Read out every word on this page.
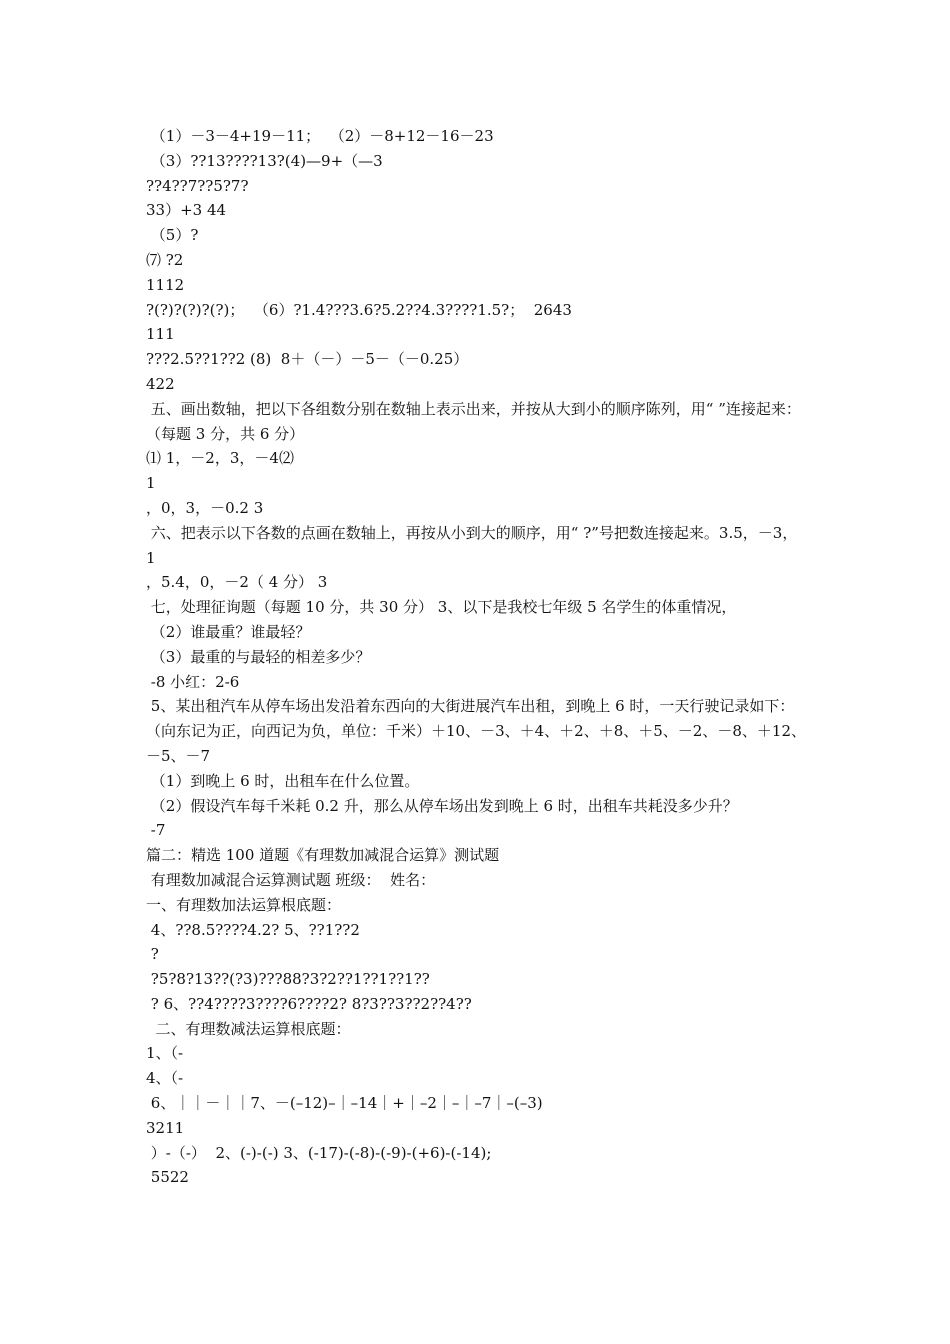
（1）－3－4+19－11；  （2）－8+12－16－23
（3）??13????13?(4)—9+（—3
??4??7??5?7?
33）+3 44
（5）?
⑺ ?2
1112
?(?)?(?)?(?)；  （6）?1.4???3.6?5.2??4.3????1.5?；  2643
111
???2.5??1??2 (8)  8＋（－）－5－（－0.25）
422
五、画出数轴，把以下各组数分别在数轴上表示出来，并按从大到小的顺序陈列，用“ ”连接起来：（每题 3 分，共 6 分）
⑴ 1，－2，3，－4⑵
1
，0，3，－0.2 3
六、把表示以下各数的点画在数轴上，再按从小到大的顺序，用“ ?”号把数连接起来。3.5，－3，
1
，5.4，0，－2（ 4 分） 3
七，处理征询题（每题 10 分，共 30 分） 3、以下是我校七年级 5 名学生的体重情况，
（2）谁最重？谁最轻？
（3）最重的与最轻的相差多少？
-8 小红：2-6
5、某出租汽车从停车场出发沿着东西向的大街进展汽车出租，到晚上 6 时，一天行驶记录如下：（向东记为正，向西记为负，单位：千米）＋10、－3、＋4、＋2、＋8、＋5、－2、－8、＋12、－5、－7
（1）到晚上 6 时，出租车在什么位置。
（2）假设汽车每千米耗 0.2 升，那么从停车场出发到晚上 6 时，出租车共耗没多少升？
-7
篇二：精选 100 道题《有理数加减混合运算》测试题
有理数加减混合运算测试题 班级：  姓名：
一、有理数加法运算根底题：
4、??8.5????4.2? 5、??1??2
?
?5?8?13??(?3)???88?3?2??1??1??1??
? 6、??4????3????6????2? 8?3??3??2??4??
二、有理数减法运算根底题：
1、（-
4、（-
6、｜｜－｜｜7、－(–12)–｜–14｜+｜–2｜–｜–7｜–(–3)
3211
）-（-）  2、(-)-(-) 3、(-17)-(-8)-(-9)-(+6)-(-14);
5522
